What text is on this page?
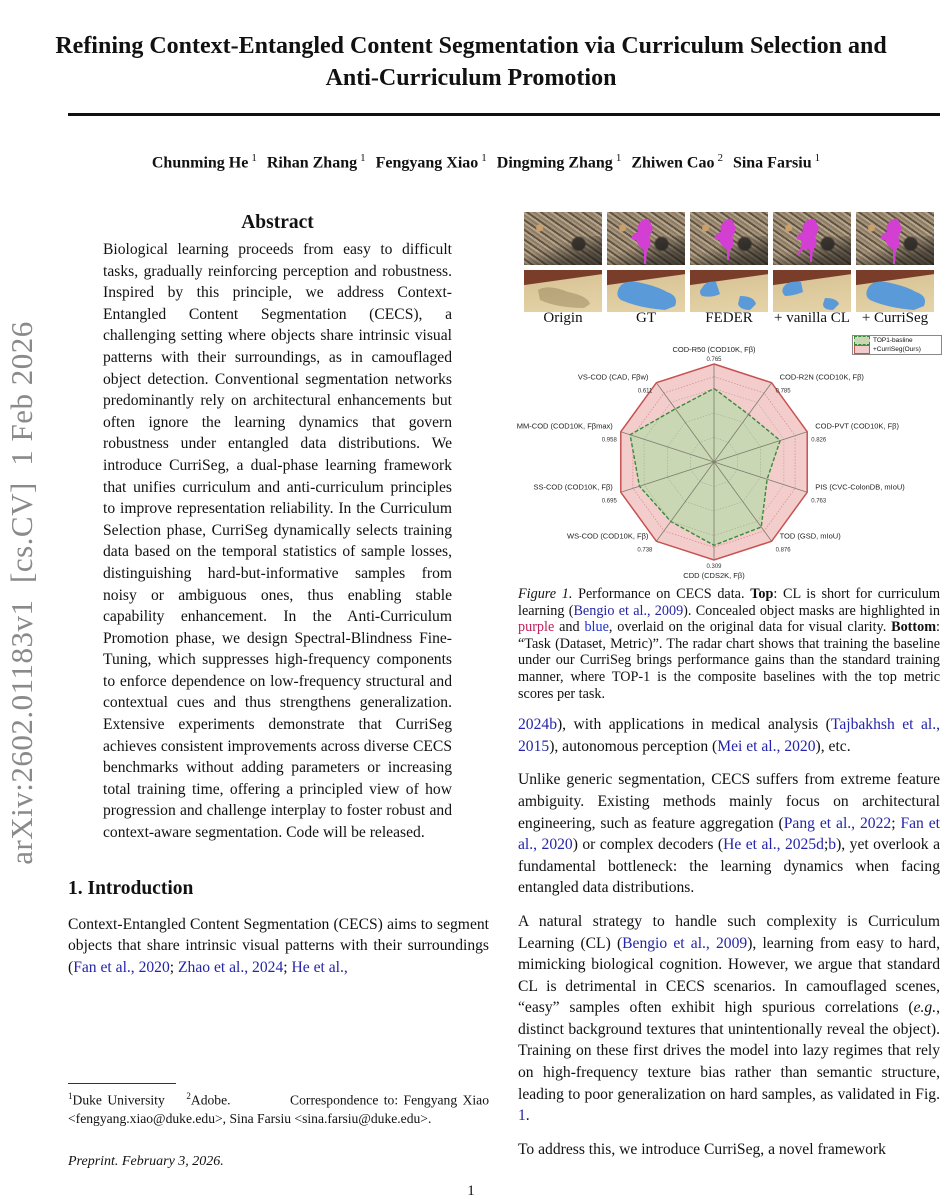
arXiv:2602.01183v1  [cs.CV]  1 Feb 2026
Refining Context-Entangled Content Segmentation via Curriculum Selection and Anti-Curriculum Promotion
Chunming He $^1$ Rihan Zhang $^1$ Fengyang Xiao $^1$ Dingming Zhang $^1$ Zhiwen Cao $^2$ Sina Farsiu $^1$
Abstract

Biological learning proceeds from easy to difficult tasks, gradually reinforcing perception and robustness. Inspired by this principle, we address Context-Entangled Content Segmentation (CECS), a challenging setting where objects share intrinsic visual patterns with their surroundings, as in camouflaged object detection. Conventional segmentation networks predominantly rely on architectural enhancements but often ignore the learning dynamics that govern robustness under entangled data distributions. We introduce CurriSeg, a dual-phase learning framework that unifies curriculum and anti-curriculum principles to improve representation reliability. In the Curriculum Selection phase, CurriSeg dynamically selects training data based on the temporal statistics of sample losses, distinguishing hard-but-informative samples from noisy or ambiguous ones, thus enabling stable capability enhancement. In the Anti-Curriculum Promotion phase, we design Spectral-Blindness Fine-Tuning, which suppresses high-frequency components to enforce dependence on low-frequency structural and contextual cues and thus strengthens generalization. Extensive experiments demonstrate that CurriSeg achieves consistent improvements across diverse CECS benchmarks without adding parameters or increasing total training time, offering a principled view of how progression and challenge interplay to foster robust and context-aware segmentation. Code will be released.

1. Introduction

Context-Entangled Content Segmentation (CECS) aims to segment objects that share intrinsic visual patterns with their surroundings (Fan et al., 2020; Zhao et al., 2024; He et al.,

$^1$Duke University $^2$Adobe.	Correspondence to: Fengyang Xiao <fengyang.xiao@duke.edu>, Sina Farsiu <sina.farsiu@duke.edu>.
Preprint. February 3, 2026.
1
Origin	GT	FEDER	+ vanilla CL + CurriSeg
COD-R50 (COD10K, Fβ)
0.765
COD-R2N (COD10K, Fβ)
0.785
COD-PVT (COD10K, Fβ)
0.826
PIS (CVC-ColonDB, mIoU)
0.763
TOD (GSD, mIoU)
0.876
CDD (CDS2K, Fβ)
0.309
WS-COD (COD10K, Fβ)
0.738
SS-COD (COD10K, Fβ)
0.695
MM-COD (COD10K, Fβmax)
0.958
VS-COD (CAD, Fβw)
0.611
TOP1-basline
+CurriSeg(Ours)

Figure 1. Performance on CECS data. Top: CL is short for curriculum learning (Bengio et al., 2009). Concealed object masks are highlighted in purple and blue, overlaid on the original data for visual clarity. Bottom: “Task (Dataset, Metric)”. The radar chart shows that training the baseline under our CurriSeg brings performance gains than the standard training manner, where TOP-1 is the composite baselines with the top metric scores per task.

2024b), with applications in medical analysis (Tajbakhsh et al., 2015), autonomous perception (Mei et al., 2020), etc.

Unlike generic segmentation, CECS suffers from extreme feature ambiguity. Existing methods mainly focus on architectural engineering, such as feature aggregation (Pang et al., 2022; Fan et al., 2020) or complex decoders (He et al., 2025d;b), yet overlook a fundamental bottleneck: the learning dynamics when facing entangled data distributions.

A natural strategy to handle such complexity is Curriculum Learning (CL) (Bengio et al., 2009), learning from easy to hard, mimicking biological cognition. However, we argue that standard CL is detrimental in CECS scenarios. In camouflaged scenes, “easy” samples often exhibit high spurious correlations (e.g., distinct background textures that unintentionally reveal the object). Training on these first drives the model into lazy regimes that rely on high-frequency texture bias rather than semantic structure, leading to poor generalization on hard samples, as validated in Fig. 1.

To address this, we introduce CurriSeg, a novel framework
